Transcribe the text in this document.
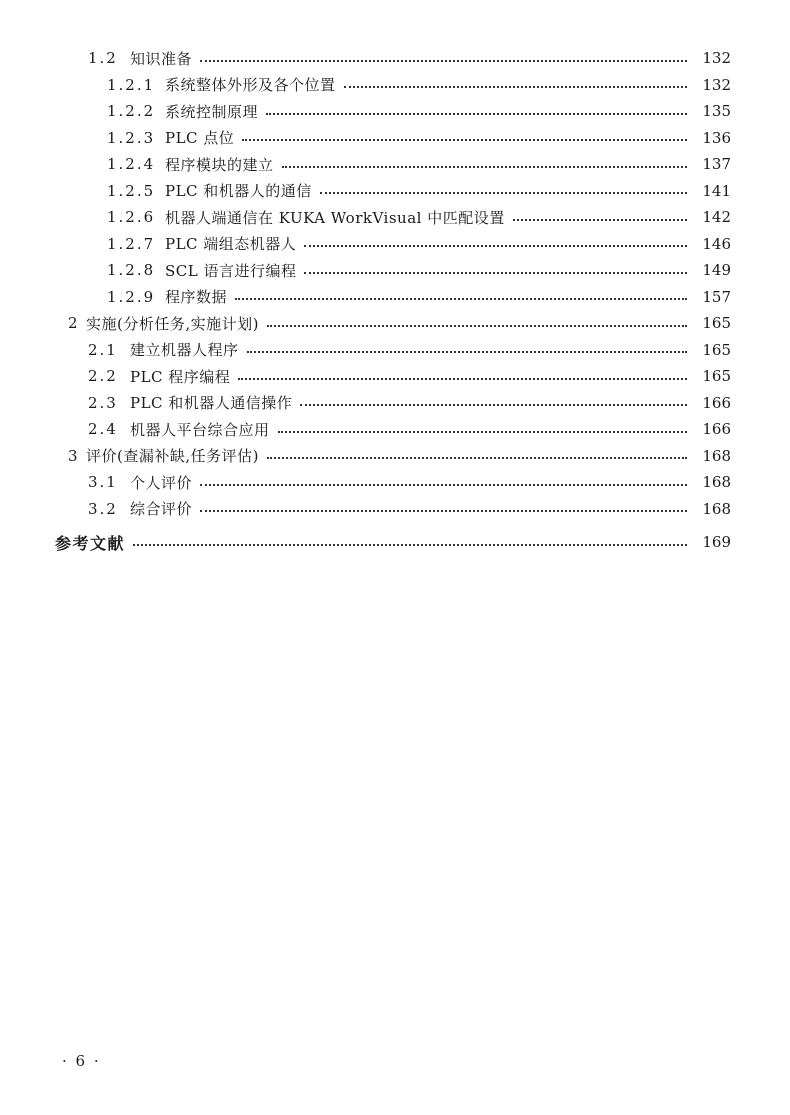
1.2 知识准备	132
1.2.1 系统整体外形及各个位置	132
1.2.2 系统控制原理	135
1.2.3 PLC 点位	136
1.2.4 程序模块的建立	137
1.2.5 PLC 和机器人的通信	141
1.2.6 机器人端通信在 KUKA WorkVisual 中匹配设置	142
1.2.7 PLC 端组态机器人	146
1.2.8 SCL 语言进行编程	149
1.2.9 程序数据	157
2 实施(分析任务,实施计划)	165
2.1 建立机器人程序	165
2.2 PLC 程序编程	165
2.3 PLC 和机器人通信操作	166
2.4 机器人平台综合应用	166
3 评价(查漏补缺,任务评估)	168
3.1 个人评价	168
3.2 综合评价	168
参考文献	169
· 6 ·
